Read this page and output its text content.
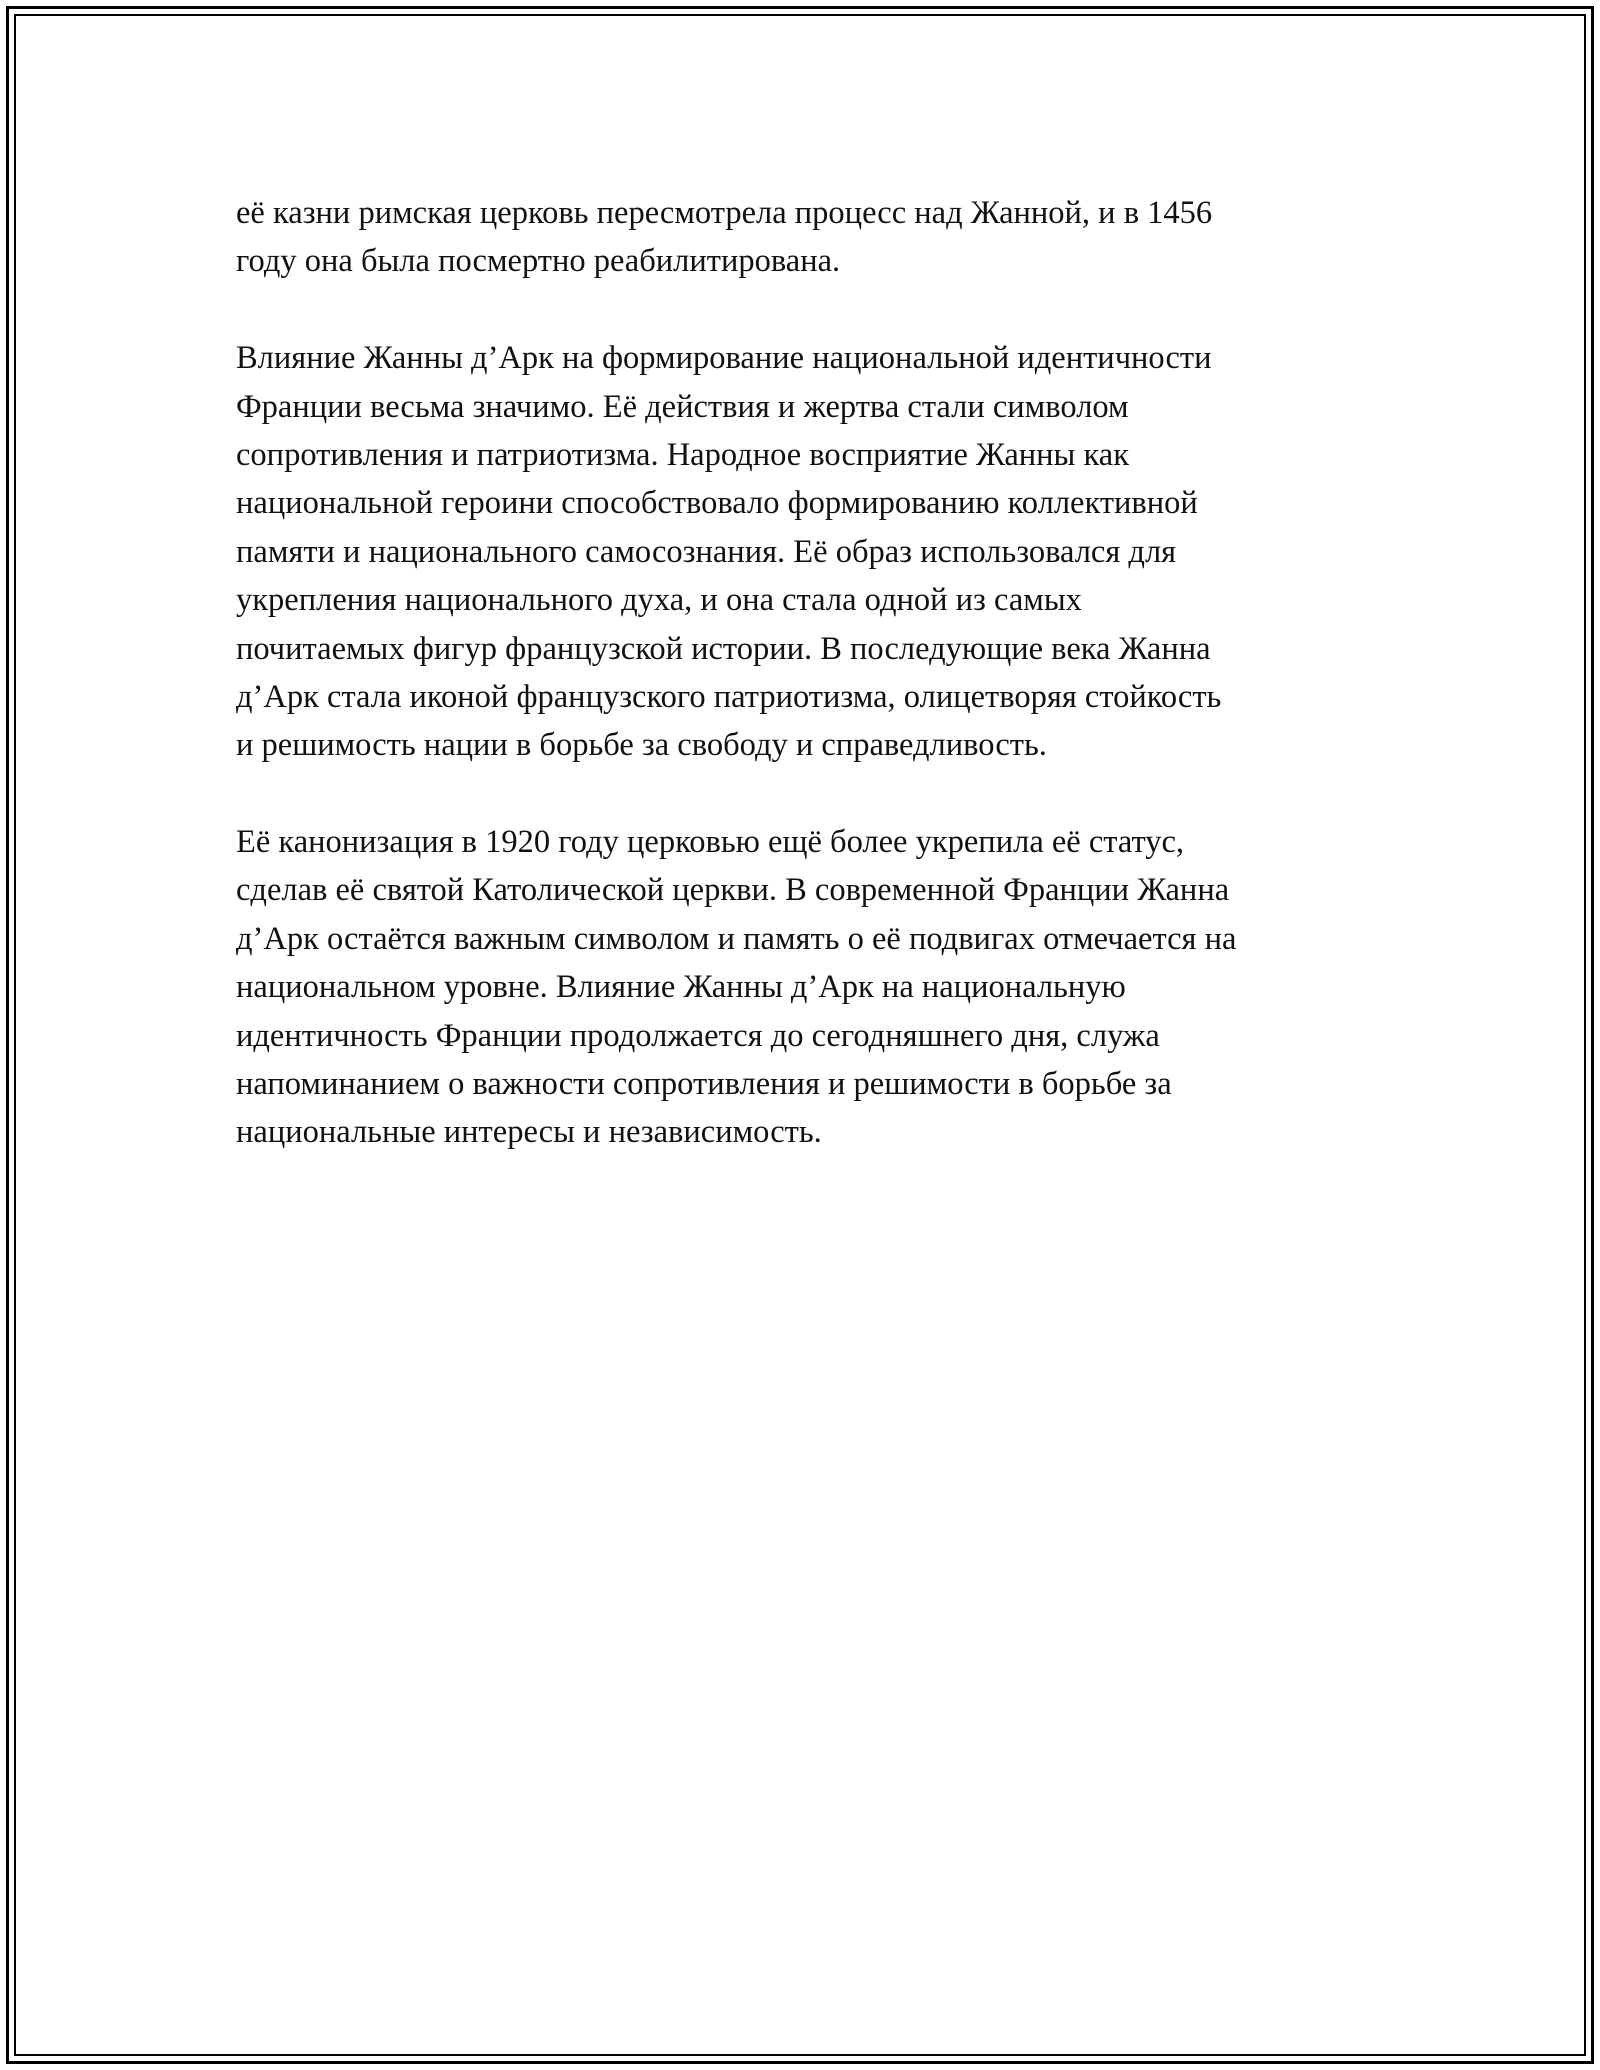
её казни римская церковь пересмотрела процесс над Жанной, и в 1456
году она была посмертно реабилитирована.
Влияние Жанны д’Арк на формирование национальной идентичности
Франции весьма значимо. Её действия и жертва стали символом
сопротивления и патриотизма. Народное восприятие Жанны как
национальной героини способствовало формированию коллективной
памяти и национального самосознания. Её образ использовался для
укрепления национального духа, и она стала одной из самых
почитаемых фигур французской истории. В последующие века Жанна
д’Арк стала иконой французского патриотизма, олицетворяя стойкость
и решимость нации в борьбе за свободу и справедливость.
Её канонизация в 1920 году церковью ещё более укрепила её статус,
сделав её святой Католической церкви. В современной Франции Жанна
д’Арк остаётся важным символом и память о её подвигах отмечается на
национальном уровне. Влияние Жанны д’Арк на национальную
идентичность Франции продолжается до сегодняшнего дня, служа
напоминанием о важности сопротивления и решимости в борьбе за
национальные интересы и независимость.
